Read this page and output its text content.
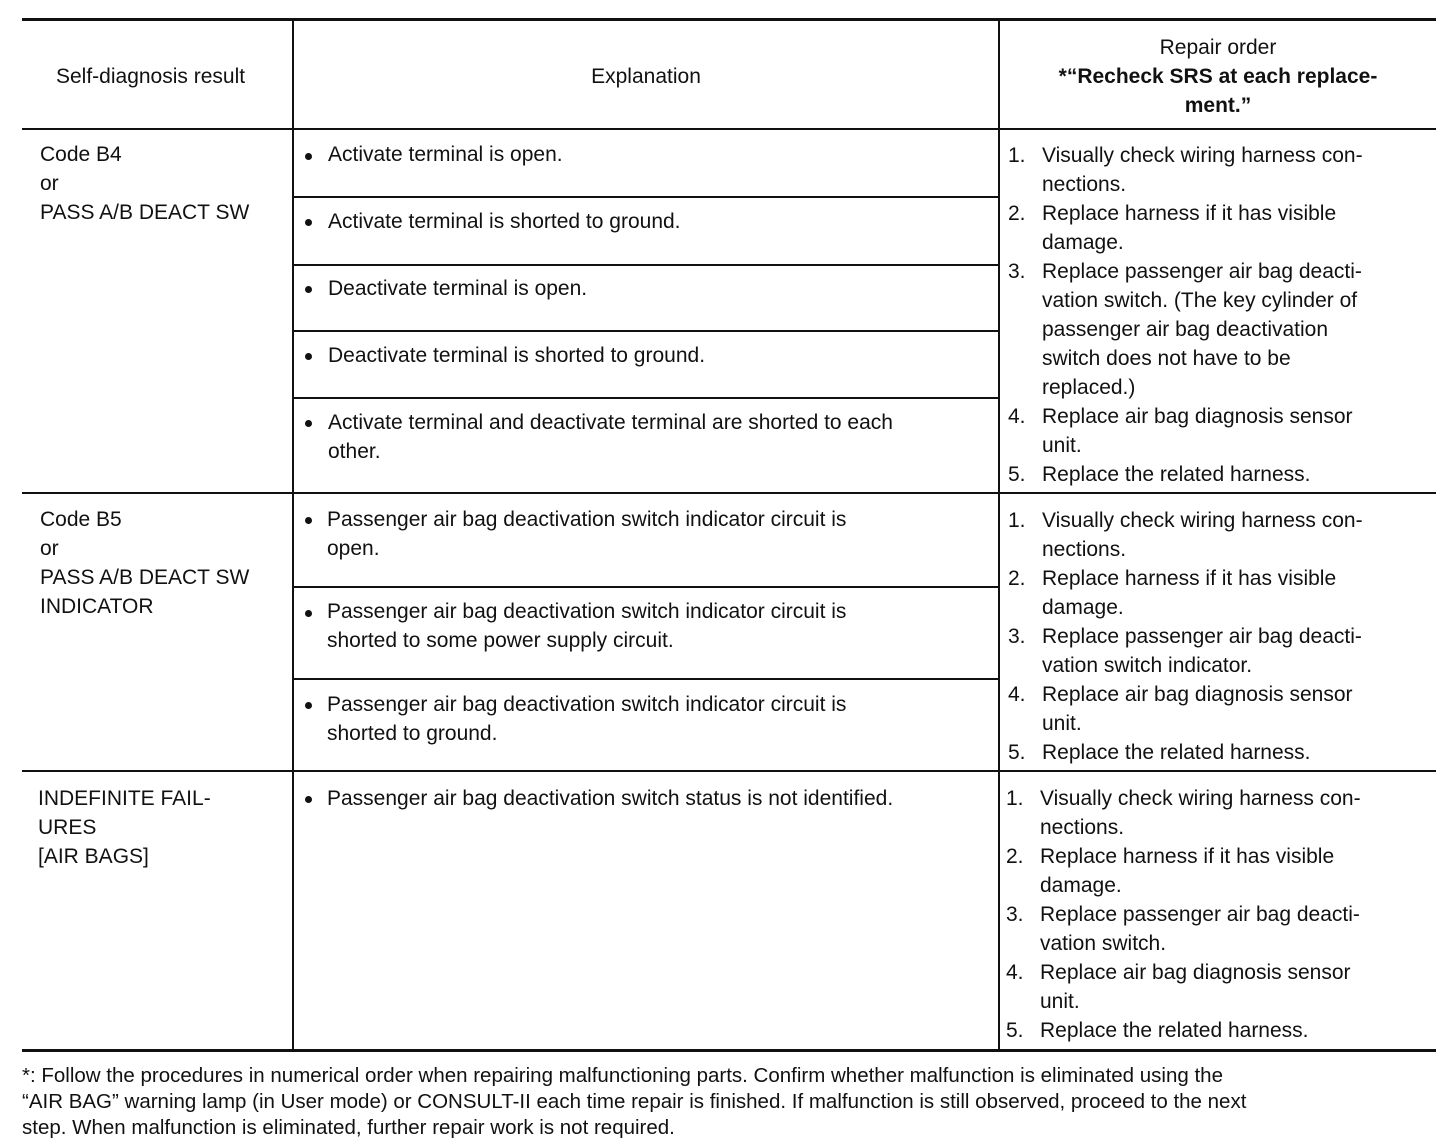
Self-diagnosis result	Explanation
Repair order
*“Recheck SRS at each replace-
ment.”
Code B4
or
PASS A/B DEACT SW
Activate terminal is open.
Activate terminal is shorted to ground.
Deactivate terminal is open.
Deactivate terminal is shorted to ground.
Activate terminal and deactivate terminal are shorted to each
other.
1. Visually check wiring harness con-
nections.
2. Replace harness if it has visible
damage.
3. Replace passenger air bag deacti-
vation switch. (The key cylinder of
passenger air bag deactivation
switch does not have to be
replaced.)
4. Replace air bag diagnosis sensor
unit.
5. Replace the related harness.
Code B5
or
PASS A/B DEACT SW
INDICATOR
Passenger air bag deactivation switch indicator circuit is
open.
Passenger air bag deactivation switch indicator circuit is
shorted to some power supply circuit.
Passenger air bag deactivation switch indicator circuit is
shorted to ground.
1. Visually check wiring harness con-
nections.
2. Replace harness if it has visible
damage.
3. Replace passenger air bag deacti-
vation switch indicator.
4. Replace air bag diagnosis sensor
unit.
5. Replace the related harness.
INDEFINITE FAIL-
URES
[AIR BAGS]
Passenger air bag deactivation switch status is not identified.	1. Visually check wiring harness con-
nections.
2. Replace harness if it has visible
damage.
3. Replace passenger air bag deacti-
vation switch.
4. Replace air bag diagnosis sensor
unit.
5. Replace the related harness.
*: Follow the procedures in numerical order when repairing malfunctioning parts. Confirm whether malfunction is eliminated using the
“AIR BAG” warning lamp (in User mode) or CONSULT-II each time repair is finished. If malfunction is still observed, proceed to the next
step. When malfunction is eliminated, further repair work is not required.
